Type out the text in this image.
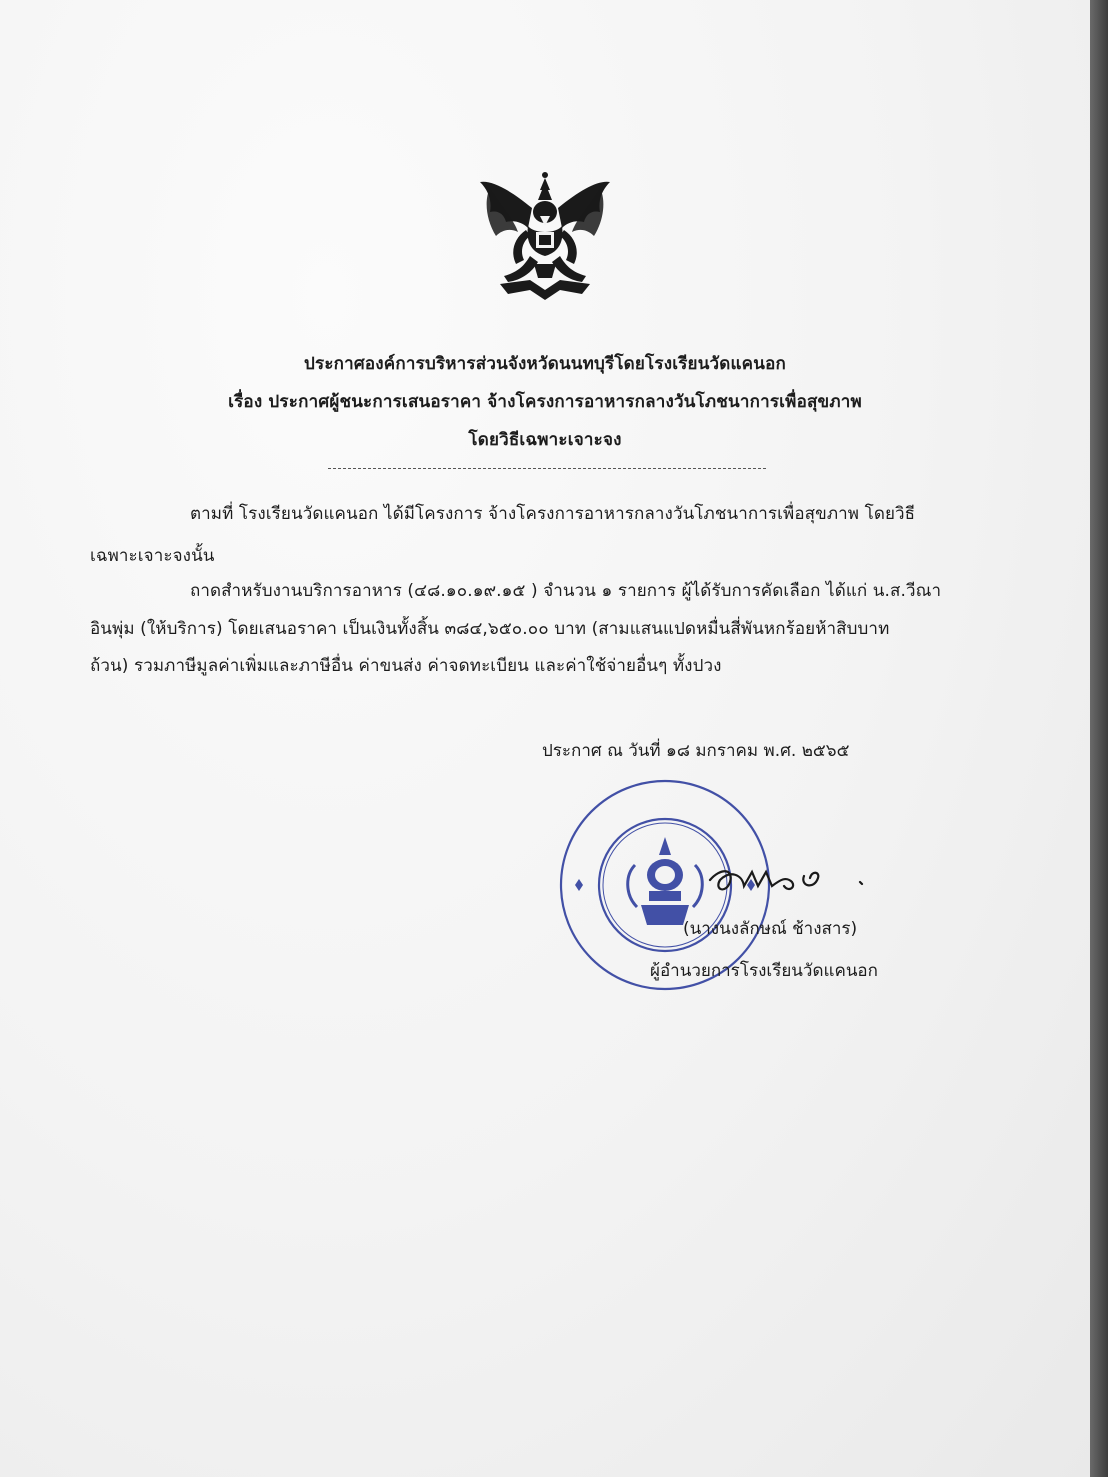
ประกาศองค์การบริหารส่วนจังหวัดนนทบุรีโดยโรงเรียนวัดแคนอก
เรื่อง ประกาศผู้ชนะการเสนอราคา จ้างโครงการอาหารกลางวันโภชนาการเพื่อสุขภาพ
โดยวิธีเฉพาะเจาะจง
ตามที่ โรงเรียนวัดแคนอก ได้มีโครงการ จ้างโครงการอาหารกลางวันโภชนาการเพื่อสุขภาพ โดยวิธี
เฉพาะเจาะจงนั้น
ถาดสำหรับงานบริการอาหาร (๔๘.๑๐.๑๙.๑๕ ) จำนวน ๑ รายการ ผู้ได้รับการคัดเลือก ได้แก่ น.ส.วีณา
อินพุ่ม (ให้บริการ) โดยเสนอราคา เป็นเงินทั้งสิ้น ๓๘๔,๖๕๐.๐๐ บาท (สามแสนแปดหมื่นสี่พันหกร้อยห้าสิบบาท
ถ้วน) รวมภาษีมูลค่าเพิ่มและภาษีอื่น ค่าขนส่ง ค่าจดทะเบียน และค่าใช้จ่ายอื่นๆ ทั้งปวง
ประกาศ ณ วันที่ ๑๘ มกราคม พ.ศ. ๒๕๖๕
(นางนงลักษณ์ ช้างสาร)
ผู้อำนวยการโรงเรียนวัดแคนอก
